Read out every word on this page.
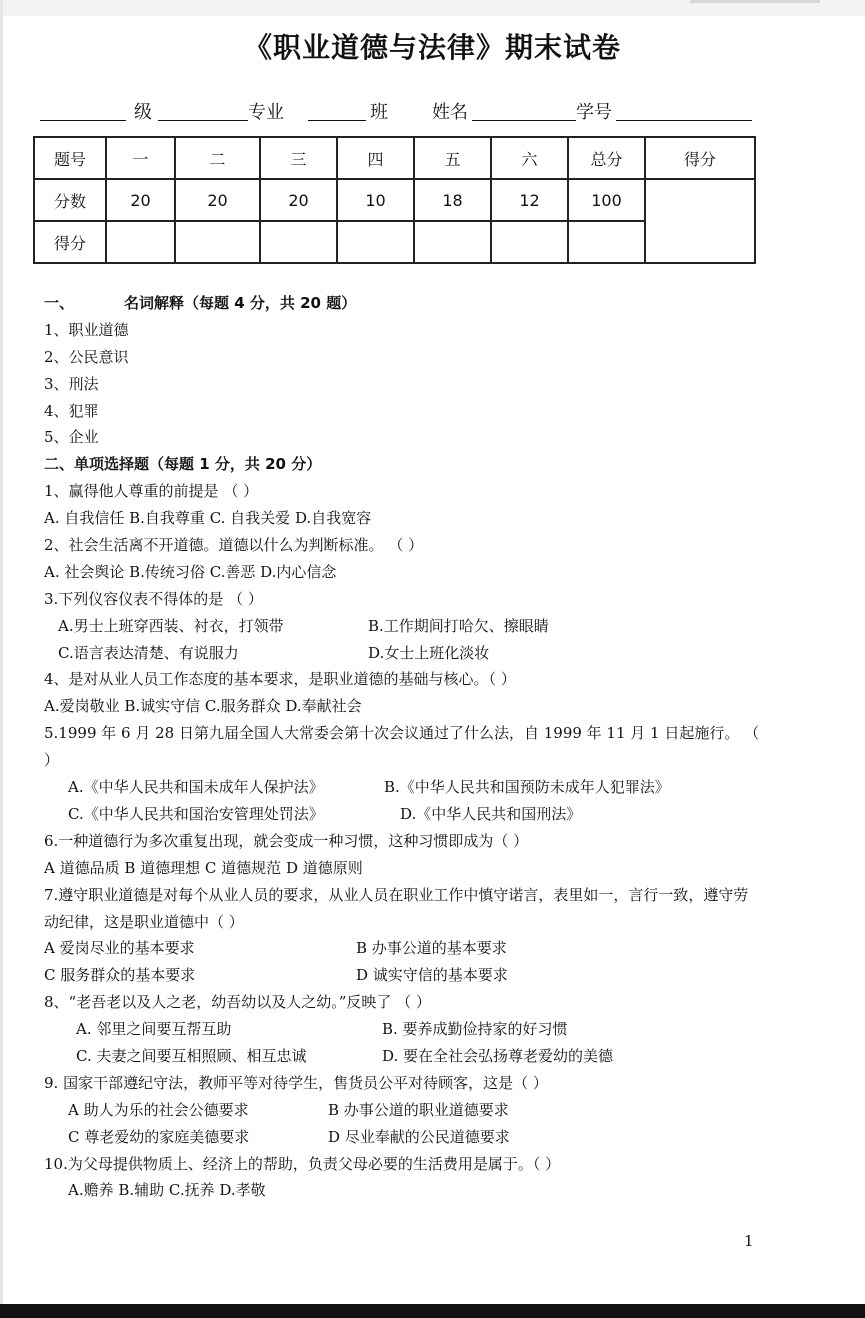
《职业道德与法律》期末试卷
级	专业	班 姓名	学号
题号	一	二	三	四	五	六	总分	得分
分数	20	20	20	10	18	12	100	
得分								
一、	名词解释（每题 4 分，共 20 题）
1、职业道德
2、公民意识
3、刑法
4、犯罪
5、企业
二、单项选择题（每题 1 分，共 20 分）
1、赢得他人尊重的前提是 （ ）
A. 自我信任 B.自我尊重 C. 自我关爱 D.自我宽容
2、社会生活离不开道德。道德以什么为判断标准。 （ ）
A. 社会舆论 B.传统习俗 C.善恶 D.内心信念
3.下列仪容仪表不得体的是 （ ）
A.男士上班穿西装、衬衣，打领带	B.工作期间打哈欠、擦眼睛
C.语言表达清楚、有说服力	D.女士上班化淡妆
4、是对从业人员工作态度的基本要求，是职业道德的基础与核心。（ ）
A.爱岗敬业 B.诚实守信 C.服务群众 D.奉献社会
5.1999 年 6 月 28 日第九届全国人大常委会第十次会议通过了什么法，自 1999 年 11 月 1 日起施行。 （ ）
A.《中华人民共和国未成年人保护法》	B.《中华人民共和国预防未成年人犯罪法》
C.《中华人民共和国治安管理处罚法》	D.《中华人民共和国刑法》
6.一种道德行为多次重复出现，就会变成一种习惯，这种习惯即成为（ ）
A 道德品质 B 道德理想 C 道德规范 D 道德原则
7.遵守职业道德是对每个从业人员的要求，从业人员在职业工作中慎守诺言，表里如一，言行一致，遵守劳动纪律，这是职业道德中（ ）
A 爱岗尽业的基本要求	B 办事公道的基本要求
C 服务群众的基本要求	D 诚实守信的基本要求
8、“老吾老以及人之老，幼吾幼以及人之幼。”反映了 （ ）
A. 邻里之间要互帮互助	B. 要养成勤俭持家的好习惯
C. 夫妻之间要互相照顾、相互忠诚	D. 要在全社会弘扬尊老爱幼的美德
9. 国家干部遵纪守法，教师平等对待学生，售货员公平对待顾客，这是（ ）
A 助人为乐的社会公德要求	B 办事公道的职业道德要求
C 尊老爱幼的家庭美德要求	D 尽业奉献的公民道德要求
10.为父母提供物质上、经济上的帮助，负责父母必要的生活费用是属于。（ ）
A.赡养 B.辅助 C.抚养 D.孝敬
1
